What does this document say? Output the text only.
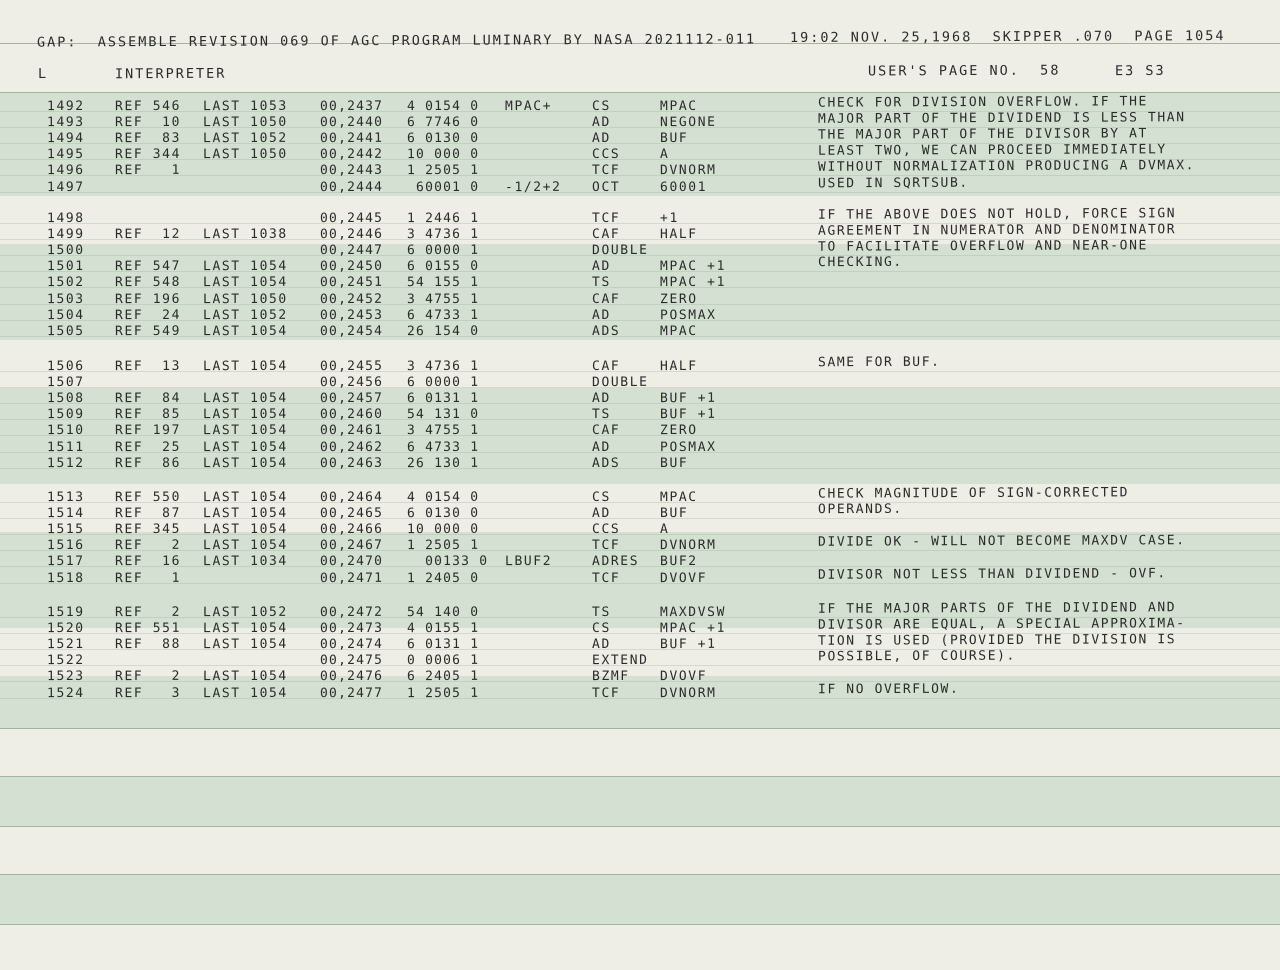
GAP:  ASSEMBLE REVISION 069 OF AGC PROGRAM LUMINARY BY NASA 2021112-011	19:02 NOV. 25,1968  SKIPPER .070  PAGE 1054
L	INTERPRETER	USER'S PAGE NO.  58	E3 S3
1492 REF 546 LAST 1053 00,2437 4 0154 0 MPAC+	CS	MPAC
1493 REF  10 LAST 1050 00,2440 6 7746 0	AD	NEGONE
1494 REF  83 LAST 1052 00,2441 6 0130 0	AD	BUF
1495 REF 344 LAST 1050 00,2442 10 000 0	CCS	A
1496 REF   1	00,2443 1 2505 1	TCF	DVNORM
1497	00,2444 60001 0 -1/2+2 OCT	60001
CHECK FOR DIVISION OVERFLOW. IF THE
MAJOR PART OF THE DIVIDEND IS LESS THAN
THE MAJOR PART OF THE DIVISOR BY AT
LEAST TWO, WE CAN PROCEED IMMEDIATELY
WITHOUT NORMALIZATION PRODUCING A DVMAX.
USED IN SQRTSUB.
1498	00,2445 1 2446 1	TCF	+1
1499 REF  12 LAST 1038 00,2446 3 4736 1	CAF	HALF
1500	00,2447 6 0000 1	DOUBLE
1501 REF 547 LAST 1054 00,2450 6 0155 0	AD	MPAC +1
1502 REF 548 LAST 1054 00,2451 54 155 1	TS	MPAC +1
1503 REF 196 LAST 1050 00,2452 3 4755 1	CAF	ZERO
1504 REF  24 LAST 1052 00,2453 6 4733 1	AD	POSMAX
1505 REF 549 LAST 1054 00,2454 26 154 0	ADS	MPAC
IF THE ABOVE DOES NOT HOLD, FORCE SIGN
AGREEMENT IN NUMERATOR AND DENOMINATOR
TO FACILITATE OVERFLOW AND NEAR-ONE
CHECKING.
1506 REF  13 LAST 1054 00,2455 3 4736 1	CAF	HALF
1507	00,2456 6 0000 1	DOUBLE
1508 REF  84 LAST 1054 00,2457 6 0131 1	AD	BUF +1
1509 REF  85 LAST 1054 00,2460 54 131 0	TS	BUF +1
1510 REF 197 LAST 1054 00,2461 3 4755 1	CAF	ZERO
1511 REF  25 LAST 1054 00,2462 6 4733 1	AD	POSMAX
1512 REF  86 LAST 1054 00,2463 26 130 1	ADS	BUF
SAME FOR BUF.
1513 REF 550 LAST 1054 00,2464 4 0154 0	CS	MPAC
1514 REF  87 LAST 1054 00,2465 6 0130 0	AD	BUF
1515 REF 345 LAST 1054 00,2466 10 000 0	CCS	A
1516 REF   2 LAST 1054 00,2467 1 2505 1	TCF	DVNORM
1517 REF  16 LAST 1034 00,2470 00133 0 LBUF2	ADRES BUF2
1518 REF   1	00,2471 1 2405 0	TCF	DVOVF
CHECK MAGNITUDE OF SIGN-CORRECTED
OPERANDS.
DIVIDE OK - WILL NOT BECOME MAXDV CASE.
DIVISOR NOT LESS THAN DIVIDEND - OVF.
1519 REF   2 LAST 1052 00,2472 54 140 0	TS	MAXDVSW
1520 REF 551 LAST 1054 00,2473 4 0155 1	CS	MPAC +1
1521 REF  88 LAST 1054 00,2474 6 0131 1	AD	BUF +1
1522	00,2475 0 0006 1	EXTEND
1523 REF   2 LAST 1054 00,2476 6 2405 1	BZMF DVOVF
1524 REF   3 LAST 1054 00,2477 1 2505 1	TCF	DVNORM
IF THE MAJOR PARTS OF THE DIVIDEND AND
DIVISOR ARE EQUAL, A SPECIAL APPROXIMA-
TION IS USED (PROVIDED THE DIVISION IS
POSSIBLE, OF COURSE).
IF NO OVERFLOW.
